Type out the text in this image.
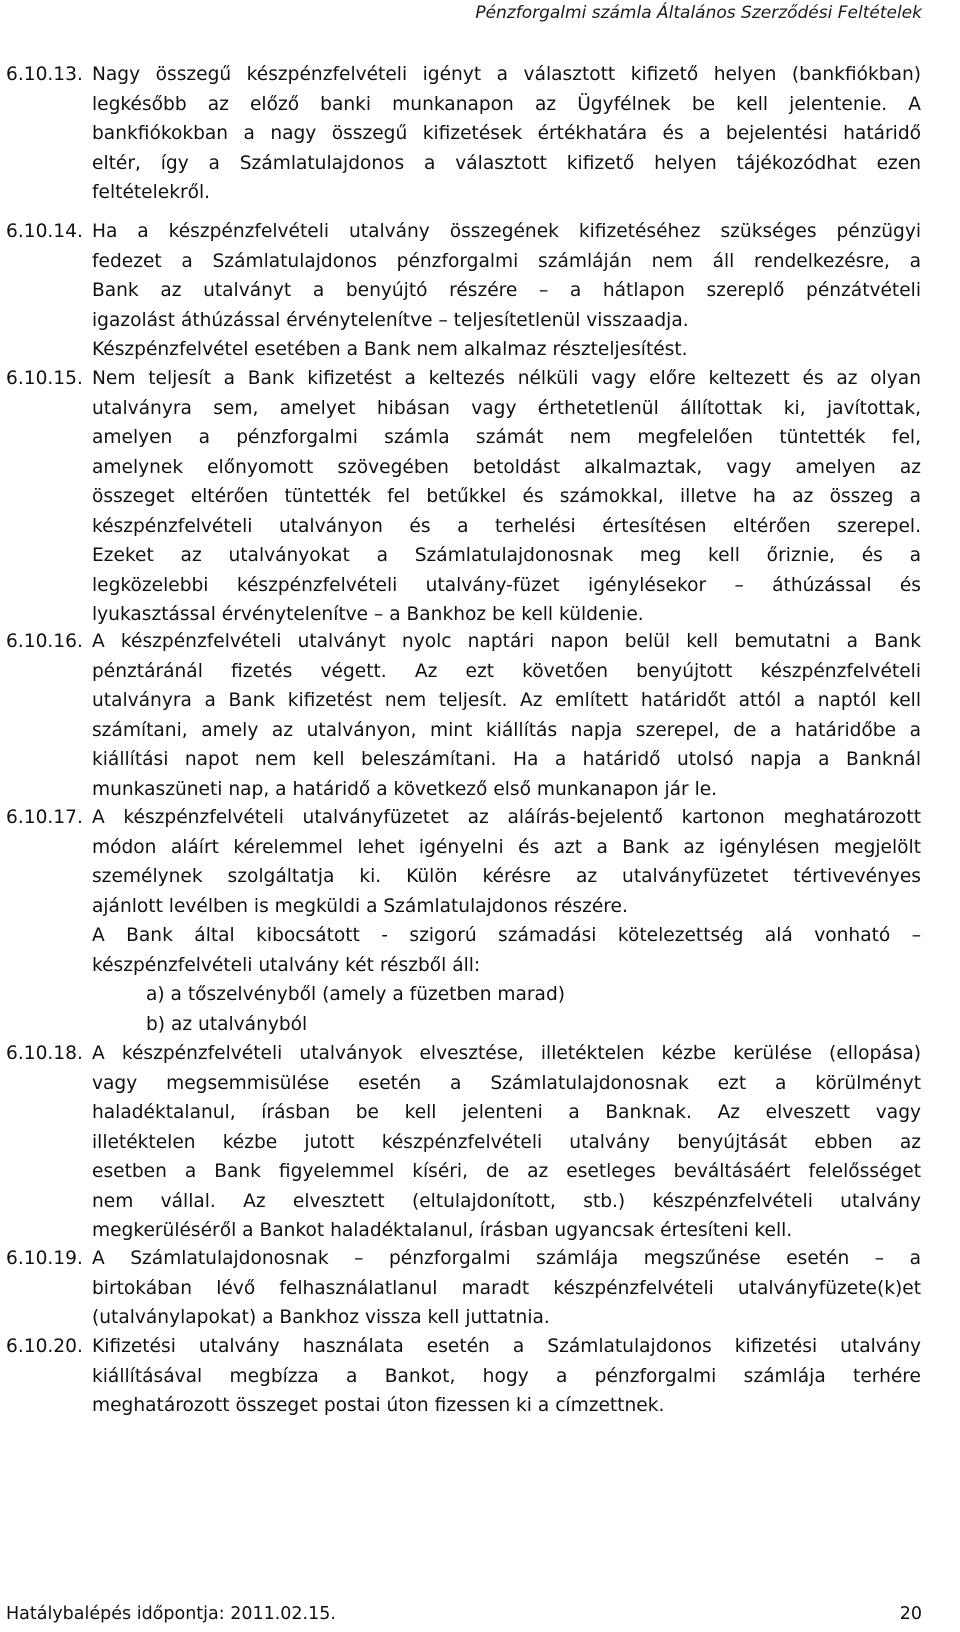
Pénzforgalmi számla Általános Szerződési Feltételek
6.10.13. Nagy összegű készpénzfelvételi igényt a választott kifizető helyen (bankfiókban)
legkésőbb az előző banki munkanapon az Ügyfélnek be kell jelentenie. A
bankfiókokban a nagy összegű kifizetések értékhatára és a bejelentési határidő
eltér, így a Számlatulajdonos a választott kifizető helyen tájékozódhat ezen
feltételekről.
6.10.14. Ha a készpénzfelvételi utalvány összegének kifizetéséhez szükséges pénzügyi
fedezet a Számlatulajdonos pénzforgalmi számláján nem áll rendelkezésre, a
Bank az utalványt a benyújtó részére – a hátlapon szereplő pénzátvételi
igazolást áthúzással érvénytelenítve – teljesítetlenül visszaadja.
Készpénzfelvétel esetében a Bank nem alkalmaz részteljesítést.
6.10.15. Nem teljesít a Bank kifizetést a keltezés nélküli vagy előre keltezett és az olyan
utalványra sem, amelyet hibásan vagy érthetetlenül állítottak ki, javítottak,
amelyen a pénzforgalmi számla számát nem megfelelően tüntették fel,
amelynek előnyomott szövegében betoldást alkalmaztak, vagy amelyen az
összeget eltérően tüntették fel betűkkel és számokkal, illetve ha az összeg a
készpénzfelvételi utalványon és a terhelési értesítésen eltérően szerepel.
Ezeket az utalványokat a Számlatulajdonosnak meg kell őriznie, és a
legközelebbi készpénzfelvételi utalvány-füzet igénylésekor – áthúzással és
lyukasztással érvénytelenítve – a Bankhoz be kell küldenie.
6.10.16. A készpénzfelvételi utalványt nyolc naptári napon belül kell bemutatni a Bank
pénztáránál fizetés végett. Az ezt követően benyújtott készpénzfelvételi
utalványra a Bank kifizetést nem teljesít. Az említett határidőt attól a naptól kell
számítani, amely az utalványon, mint kiállítás napja szerepel, de a határidőbe a
kiállítási napot nem kell beleszámítani. Ha a határidő utolsó napja a Banknál
munkaszüneti nap, a határidő a következő első munkanapon jár le.
6.10.17. A készpénzfelvételi utalványfüzetet az aláírás-bejelentő kartonon meghatározott
módon aláírt kérelemmel lehet igényelni és azt a Bank az igénylésen megjelölt
személynek szolgáltatja ki. Külön kérésre az utalványfüzetet tértivevényes
ajánlott levélben is megküldi a Számlatulajdonos részére.
A Bank által kibocsátott - szigorú számadási kötelezettség alá vonható –
készpénzfelvételi utalvány két részből áll:
a) a tőszelvényből (amely a füzetben marad)
b) az utalványból
6.10.18. A készpénzfelvételi utalványok elvesztése, illetéktelen kézbe kerülése (ellopása)
vagy megsemmisülése esetén a Számlatulajdonosnak ezt a körülményt
haladéktalanul, írásban be kell jelenteni a Banknak. Az elveszett vagy
illetéktelen kézbe jutott készpénzfelvételi utalvány benyújtását ebben az
esetben a Bank figyelemmel kíséri, de az esetleges beváltásáért felelősséget
nem vállal. Az elvesztett (eltulajdonított, stb.) készpénzfelvételi utalvány
megkerüléséről a Bankot haladéktalanul, írásban ugyancsak értesíteni kell.
6.10.19. A Számlatulajdonosnak – pénzforgalmi számlája megszűnése esetén – a
birtokában lévő felhasználatlanul maradt készpénzfelvételi utalványfüzete(k)et
(utalványlapokat) a Bankhoz vissza kell juttatnia.
6.10.20. Kifizetési utalvány használata esetén a Számlatulajdonos kifizetési utalvány
kiállításával megbízza a Bankot, hogy a pénzforgalmi számlája terhére
meghatározott összeget postai úton fizessen ki a címzettnek.
Hatálybalépés időpontja: 2011.02.15.	20
